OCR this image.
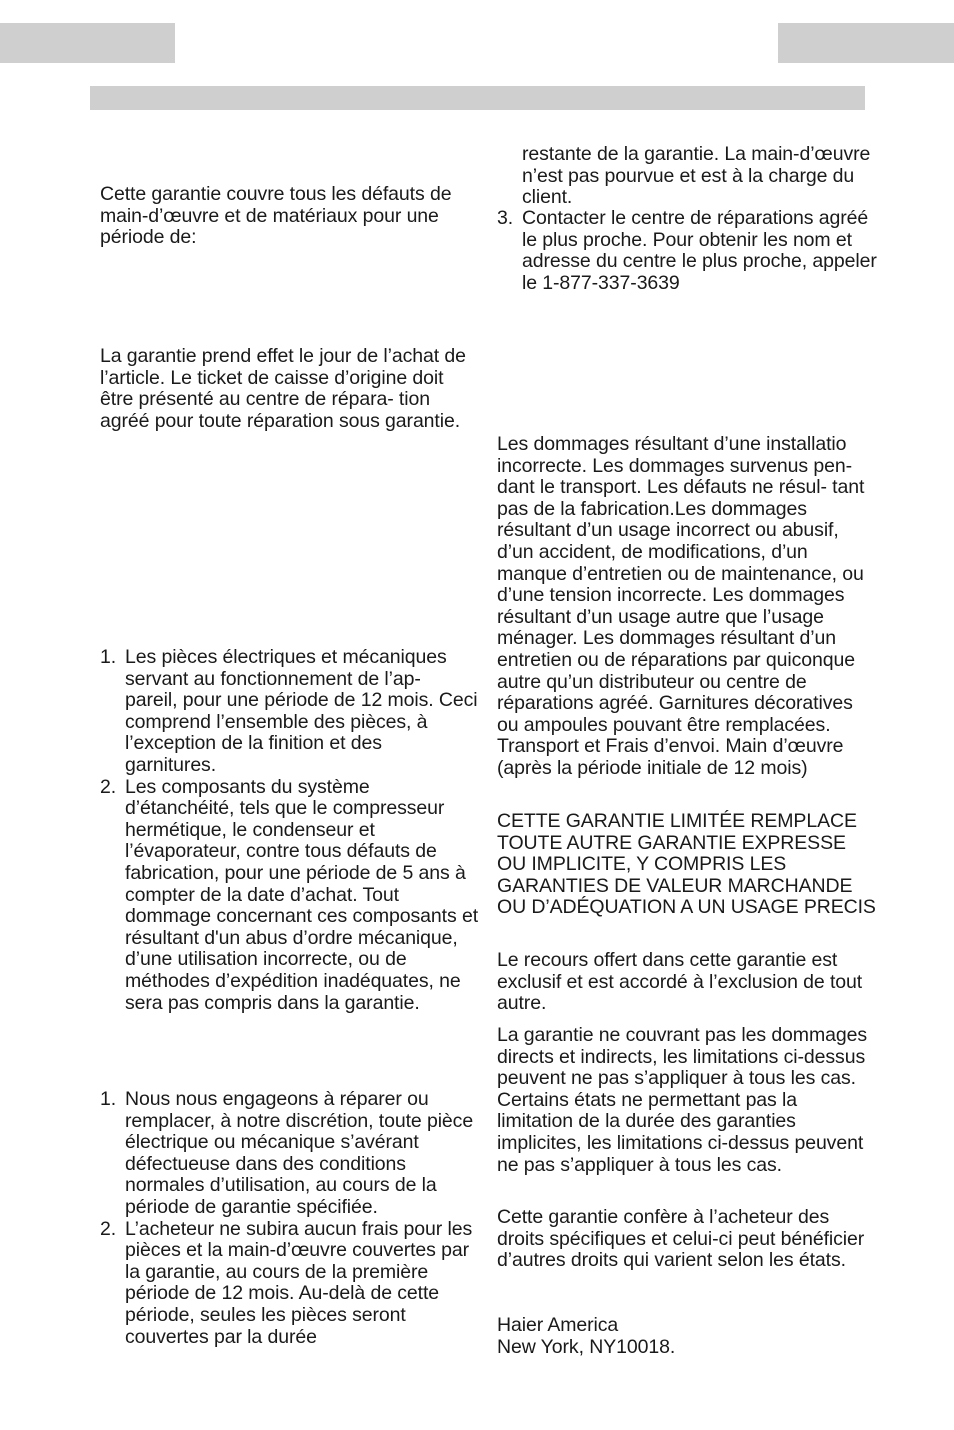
Cette garantie couvre tous les défauts de main-d’œuvre et de matériaux pour une période de:

La garantie prend effet le jour de l’achat de l’article. Le ticket de caisse d’origine doit être présenté au centre de répara- tion agréé pour toute réparation sous garantie.

1. Les pièces électriques et mécaniques servant au fonctionnement de l’ap- pareil, pour une période de 12 mois. Ceci comprend l’ensemble des pièces, à l’exception de la finition et des garnitures.
2. Les composants du système d’étanchéité, tels que le compresseur hermétique, le condenseur et l’évaporateur, contre tous défauts de fabrication, pour une période de 5 ans à compter de la date d’achat. Tout dommage concernant ces composants et résultant d'un abus d’ordre mécanique, d’une utilisation incorrecte, ou de méthodes d’expédition inadéquates, ne sera pas compris dans la garantie.
1. Nous nous engageons à réparer ou remplacer, à notre discrétion, toute pièce électrique ou mécanique s’avérant défectueuse dans des conditions normales d’utilisation, au cours de la période de garantie spécifiée.
2. L’acheteur ne subira aucun frais pour les pièces et la main-d’œuvre couvertes par la garantie, au cours de la première période de 12 mois. Au-delà de cette période, seules les pièces seront couvertes par la durée

restante de la garantie. La main-d’œuvre n’est pas pourvue et est à la charge du client.

3. Contacter le centre de réparations agréé le plus proche. Pour obtenir les nom et adresse du centre le plus proche, appeler le 1-877-337-3639

Les dommages résultant d’une installatio incorrecte. Les dommages survenus pen- dant le transport. Les défauts ne résul- tant pas de la fabrication.Les dommages résultant d’un usage incorrect ou abusif, d’un accident, de modifications, d’un manque d’entretien ou de maintenance, ou d’une tension incorrecte. Les dommages résultant d’un usage autre que l’usage ménager. Les dommages résultant d’un entretien ou de réparations par quiconque autre qu’un distributeur ou centre de réparations agréé. Garnitures décoratives ou ampoules pouvant être remplacées. Transport et Frais d’envoi. Main d’œuvre (après la période initiale de 12 mois)

CETTE GARANTIE LIMITÉE REMPLACE TOUTE AUTRE GARANTIE EXPRESSE OU IMPLICITE, Y COMPRIS LES GARANTIES DE VALEUR MARCHANDE OU D’ADÉQUATION A UN USAGE PRECIS

Le recours offert dans cette garantie est exclusif et est accordé à l’exclusion de tout autre.

La garantie ne couvrant pas les dommages directs et indirects, les limitations ci-dessus peuvent ne pas s’appliquer à tous les cas. Certains états ne permettant pas la limitation de la durée des garanties implicites, les limitations ci-dessus peuvent ne pas s’appliquer à tous les cas.

Cette garantie confère à l’acheteur des droits spécifiques et celui-ci peut bénéficier d’autres droits qui varient selon les états.

Haier America

New York, NY10018.
